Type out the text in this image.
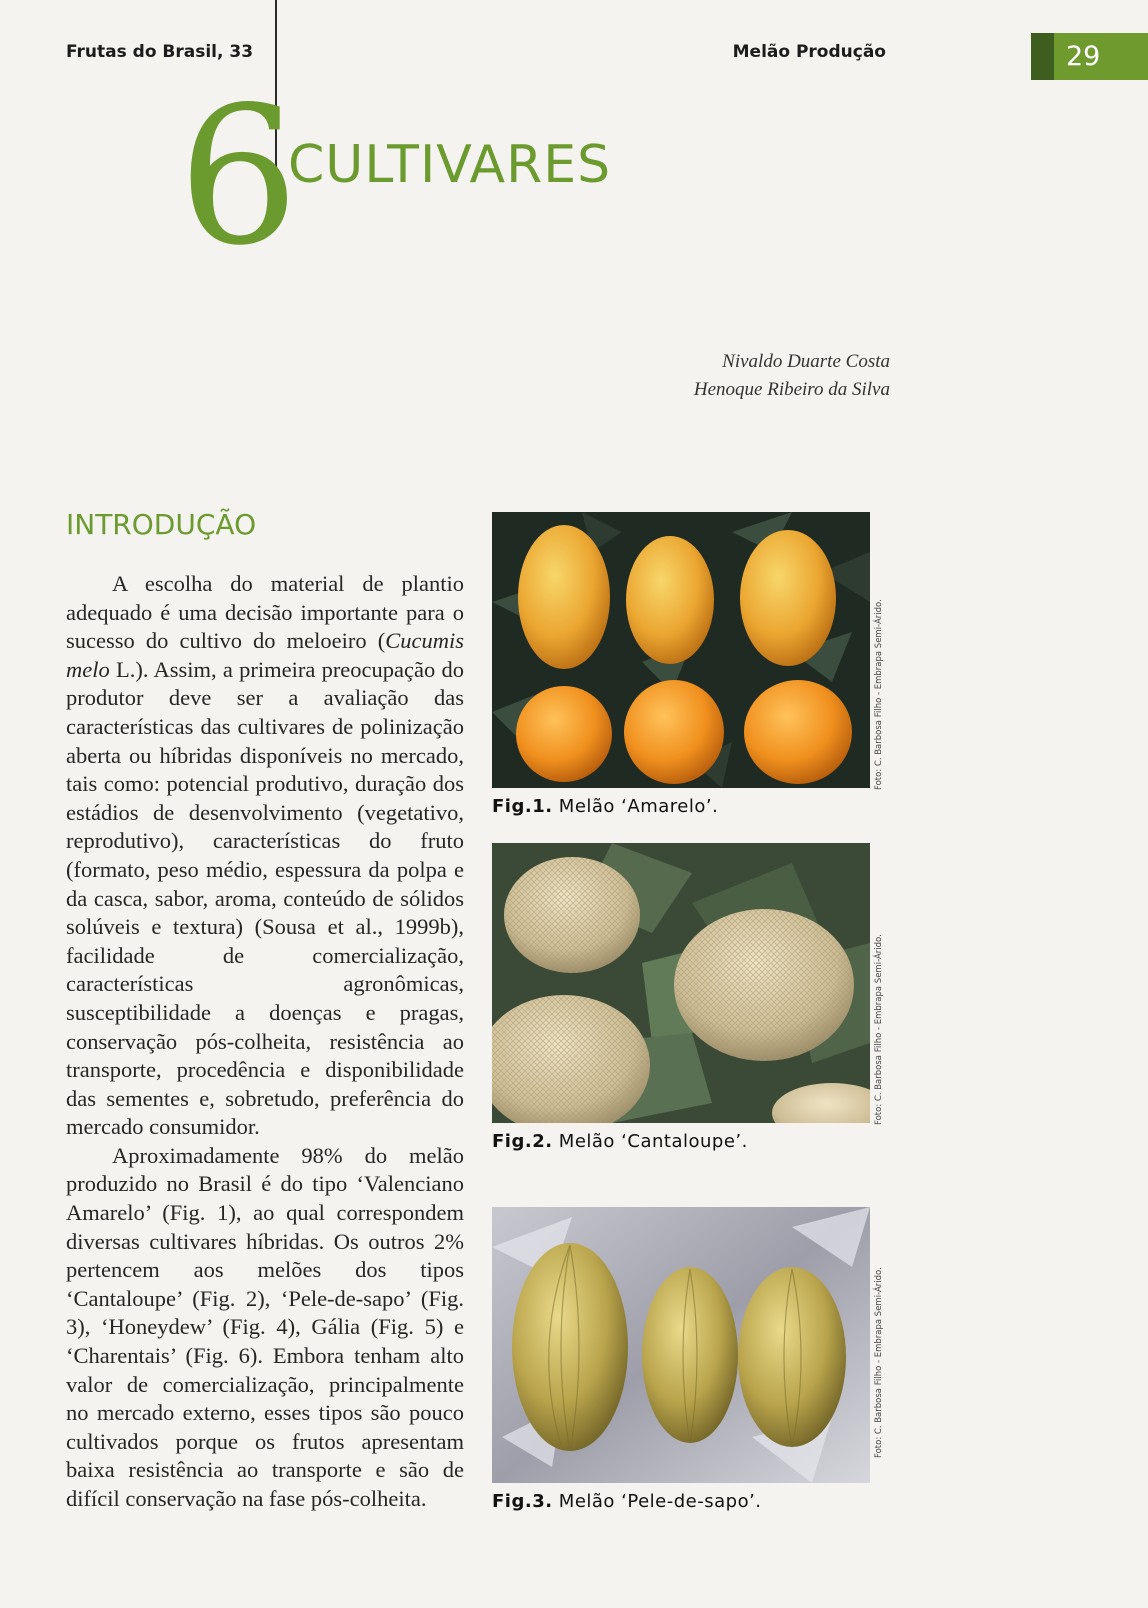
Frutas do Brasil, 33	Melão Produção	29
6
CULTIVARES
Nivaldo Duarte Costa
Henoque Ribeiro da Silva
INTRODUÇÃO

A escolha do material de plantio adequado é uma decisão importante para o sucesso do cultivo do meloeiro (Cucumis melo L.). Assim, a primeira preocupação do produtor deve ser a avaliação das características das cultivares de polinização aberta ou híbridas disponíveis no mercado, tais como: potencial produtivo, duração dos estádios de desenvolvimento (vegetativo, reprodutivo), características do fruto (formato, peso médio, espessura da polpa e da casca, sabor, aroma, conteúdo de sólidos solúveis e textura) (Sousa et al., 1999b), facilidade de comercialização, características agronômicas, susceptibilidade a doenças e pragas, conservação pós-colheita, resistência ao transporte, procedência e disponibilidade das sementes e, sobretudo, preferência do mercado consumidor.

Aproximadamente 98% do melão produzido no Brasil é do tipo ‘Valenciano Amarelo’ (Fig. 1), ao qual correspondem diversas cultivares híbridas. Os outros 2% pertencem aos melões dos tipos ‘Cantaloupe’ (Fig. 2), ‘Pele-de-sapo’ (Fig. 3), ‘Honeydew’ (Fig. 4), Gália (Fig. 5) e ‘Charentais’ (Fig. 6). Embora tenham alto valor de comercialização, principalmente no mercado externo, esses tipos são pouco cultivados porque os frutos apresentam baixa resistência ao transporte e são de difícil conservação na fase pós-colheita.

Fig.1. Melão ‘Amarelo’.
Foto: C. Barbosa Filho - Embrapa Semi-Árido.
Fig.2. Melão ‘Cantaloupe’.
Foto: C. Barbosa Filho - Embrapa Semi-Árido.
Fig.3. Melão ‘Pele-de-sapo’.
Foto: C. Barbosa Filho - Embrapa Semi-Árido.
